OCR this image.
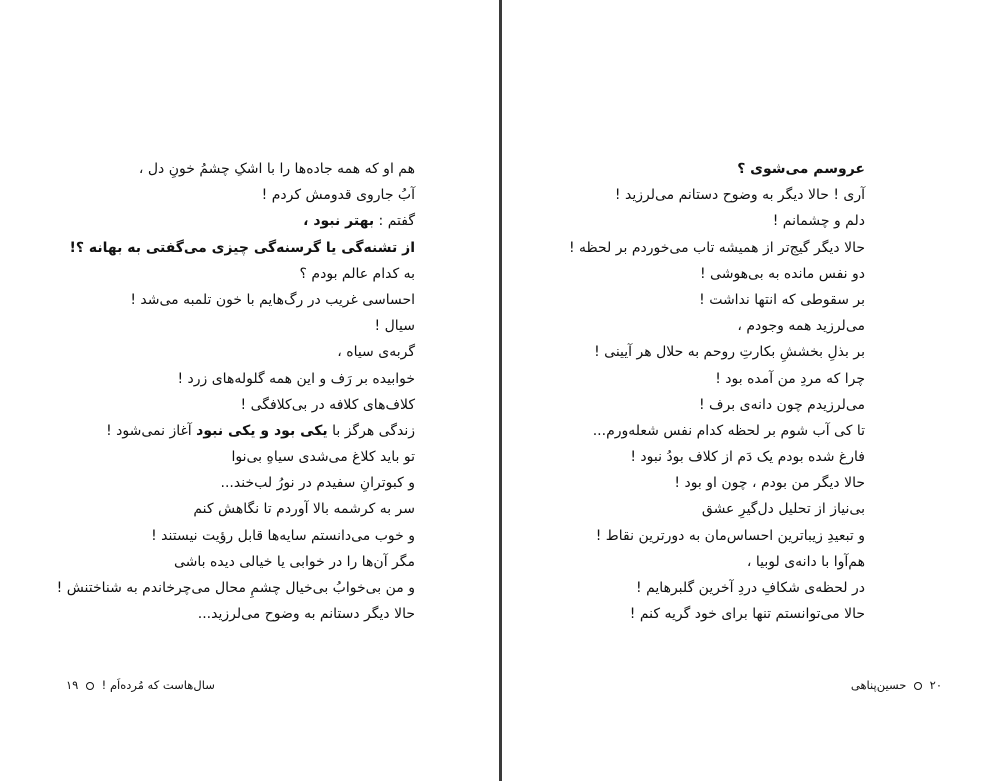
هم او که همه جاده‌ها را با اشکِ چشمُ خونِ دل ،
آبُ جاروی قدومش کردم !
گفتم : بهتر نبود ،
از تشنه‌گی یا گرسنه‌گی چیزی می‌گفتی به بهانه ؟!
به کدام عالم بودم ؟
احساسی غریب در رگ‌هایم با خون تلمبه می‌شد !
سیال !
گربه‌ی سیاه ،
خوابیده بر رَف و این همه گلوله‌های زرد !
کلاف‌های کلافه در بی‌کلافگی !
زندگی هرگز با یکی بود و یکی نبود آغاز نمی‌شود !
تو باید کلاغ می‌شدی سیاهِ بی‌نوا
و کبوترانِ سفیدم در نورُ لب‌خند...
سر به کرشمه بالا آوردم تا نگاهش کنم
و خوب می‌دانستم سایه‌ها قابل رؤیت نیستند !
مگر آن‌ها را در خوابی یا خیالی دیده باشی
و من بی‌خوابُ بی‌خیال چشمِ محال می‌چرخاندم به شناختنش !
حالا دیگر دستانم به وضوح می‌لرزید...
سال‌هاست که مُرده‌اَم !  ۱۹
عروسم می‌شوی ؟
آری ! حالا دیگر به وضوح دستانم می‌لرزید !
دلم و چشمانم !
حالا دیگر گیج‌تر از همیشه تاب می‌خوردم بر لحظه !
دو نفس مانده به بی‌هوشی !
بر سقوطی که انتها نداشت !
می‌لرزید همه وجودم ،
بر بذلِ بخششِ بکارتِ روحم به حلال هر آیینی !
چرا که مردِ من آمده بود !
می‌لرزیدم چون دانه‌ی برف !
تا کی آب شوم بر لحظه کدام نفس شعله‌ورم...
فارغ شده بودم یک دَم از کلاف بودُ نبود !
حالا دیگر من بودم ، چون او بود !
بی‌نیاز از تحلیل دل‌گیرِ عشق
و تبعیدِ زیباترین احساس‌مان به دورترین نقاط !
هم‌آوا با دانه‌ی لوبیا ،
در لحظه‌ی شکافِ دردِ آخرین گلبرهایم !
حالا می‌توانستم تنها برای خود گریه کنم !
۲۰  حسین‌پناهی
